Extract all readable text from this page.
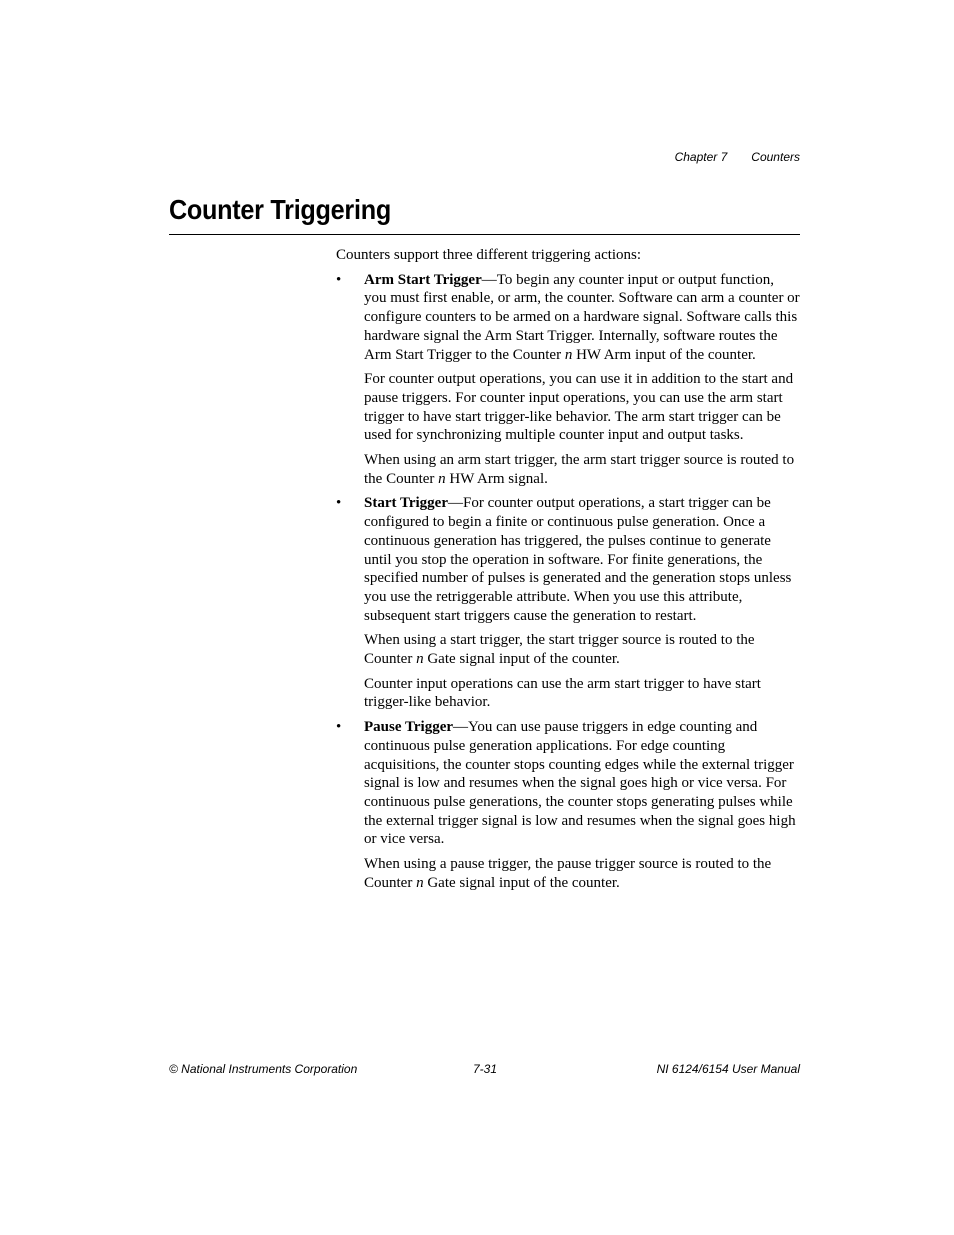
Chapter 7 Counters
Counter Triggering

Counters support three different triggering actions:

• Arm Start Trigger—To begin any counter input or output function, you must first enable, or arm, the counter. Software can arm a counter or configure counters to be armed on a hardware signal. Software calls this hardware signal the Arm Start Trigger. Internally, software routes the Arm Start Trigger to the Counter n HW Arm input of the counter.

For counter output operations, you can use it in addition to the start and pause triggers. For counter input operations, you can use the arm start trigger to have start trigger-like behavior. The arm start trigger can be used for synchronizing multiple counter input and output tasks.

When using an arm start trigger, the arm start trigger source is routed to the Counter n HW Arm signal.

• Start Trigger—For counter output operations, a start trigger can be configured to begin a finite or continuous pulse generation. Once a continuous generation has triggered, the pulses continue to generate until you stop the operation in software. For finite generations, the specified number of pulses is generated and the generation stops unless you use the retriggerable attribute. When you use this attribute, subsequent start triggers cause the generation to restart.

When using a start trigger, the start trigger source is routed to the Counter n Gate signal input of the counter.

Counter input operations can use the arm start trigger to have start trigger-like behavior.

• Pause Trigger—You can use pause triggers in edge counting and continuous pulse generation applications. For edge counting acquisitions, the counter stops counting edges while the external trigger signal is low and resumes when the signal goes high or vice versa. For continuous pulse generations, the counter stops generating pulses while the external trigger signal is low and resumes when the signal goes high or vice versa.

When using a pause trigger, the pause trigger source is routed to the Counter n Gate signal input of the counter.

© National Instruments Corporation	7-31	NI 6124/6154 User Manual
